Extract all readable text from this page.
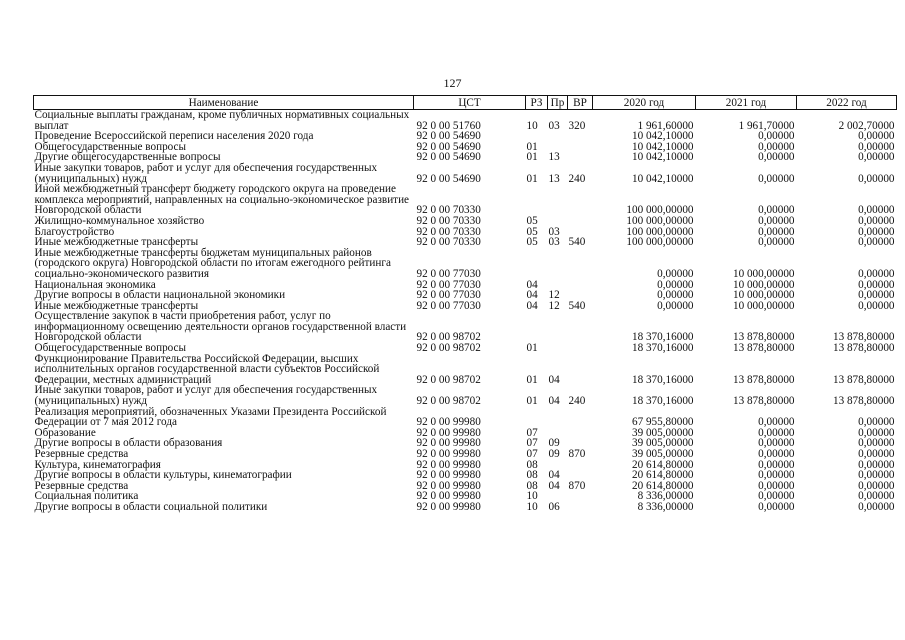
127
Наименование	ЦСТ	РЗ	Пр	ВР	2020 год	2021 год	2022 год
Социальные выплаты гражданам, кроме публичных нормативных социальных выплат	92 0 00 51760	10	03	320	1 961,60000	1 961,70000	2 002,70000
Проведение Всероссийской переписи населения 2020 года	92 0 00 54690				10 042,10000	0,00000	0,00000
Общегосударственные вопросы	92 0 00 54690	01			10 042,10000	0,00000	0,00000
Другие общегосударственные вопросы	92 0 00 54690	01	13		10 042,10000	0,00000	0,00000
Иные закупки товаров, работ и услуг для обеспечения государственных (муниципальных) нужд	92 0 00 54690	01	13	240	10 042,10000	0,00000	0,00000
Иной межбюджетный трансферт бюджету городского округа на проведение комплекса мероприятий, направленных на социально-экономическое развитие Новгородской области	92 0 00 70330				100 000,00000	0,00000	0,00000
Жилищно-коммунальное хозяйство	92 0 00 70330	05			100 000,00000	0,00000	0,00000
Благоустройство	92 0 00 70330	05	03		100 000,00000	0,00000	0,00000
Иные межбюджетные трансферты	92 0 00 70330	05	03	540	100 000,00000	0,00000	0,00000
Иные межбюджетные трансферты бюджетам муниципальных районов (городского округа) Новгородской области по итогам ежегодного рейтинга социально-экономического развития	92 0 00 77030				0,00000	10 000,00000	0,00000
Национальная экономика	92 0 00 77030	04			0,00000	10 000,00000	0,00000
Другие вопросы в области национальной экономики	92 0 00 77030	04	12		0,00000	10 000,00000	0,00000
Иные межбюджетные трансферты	92 0 00 77030	04	12	540	0,00000	10 000,00000	0,00000
Осуществление закупок в части приобретения работ, услуг по информационному освещению деятельности органов государственной власти Новгородской области	92 0 00 98702				18 370,16000	13 878,80000	13 878,80000
Общегосударственные вопросы	92 0 00 98702	01			18 370,16000	13 878,80000	13 878,80000
Функционирование Правительства Российской Федерации, высших исполнительных органов государственной власти субъектов Российской Федерации, местных администраций	92 0 00 98702	01	04		18 370,16000	13 878,80000	13 878,80000
Иные закупки товаров, работ и услуг для обеспечения государственных (муниципальных) нужд	92 0 00 98702	01	04	240	18 370,16000	13 878,80000	13 878,80000
Реализация мероприятий, обозначенных Указами Президента Российской Федерации от 7 мая 2012 года	92 0 00 99980				67 955,80000	0,00000	0,00000
Образование	92 0 00 99980	07			39 005,00000	0,00000	0,00000
Другие вопросы в области образования	92 0 00 99980	07	09		39 005,00000	0,00000	0,00000
Резервные средства	92 0 00 99980	07	09	870	39 005,00000	0,00000	0,00000
Культура, кинематография	92 0 00 99980	08			20 614,80000	0,00000	0,00000
Другие вопросы в области культуры, кинематографии	92 0 00 99980	08	04		20 614,80000	0,00000	0,00000
Резервные средства	92 0 00 99980	08	04	870	20 614,80000	0,00000	0,00000
Социальная политика	92 0 00 99980	10			8 336,00000	0,00000	0,00000
Другие вопросы в области социальной политики	92 0 00 99980	10	06		8 336,00000	0,00000	0,00000
